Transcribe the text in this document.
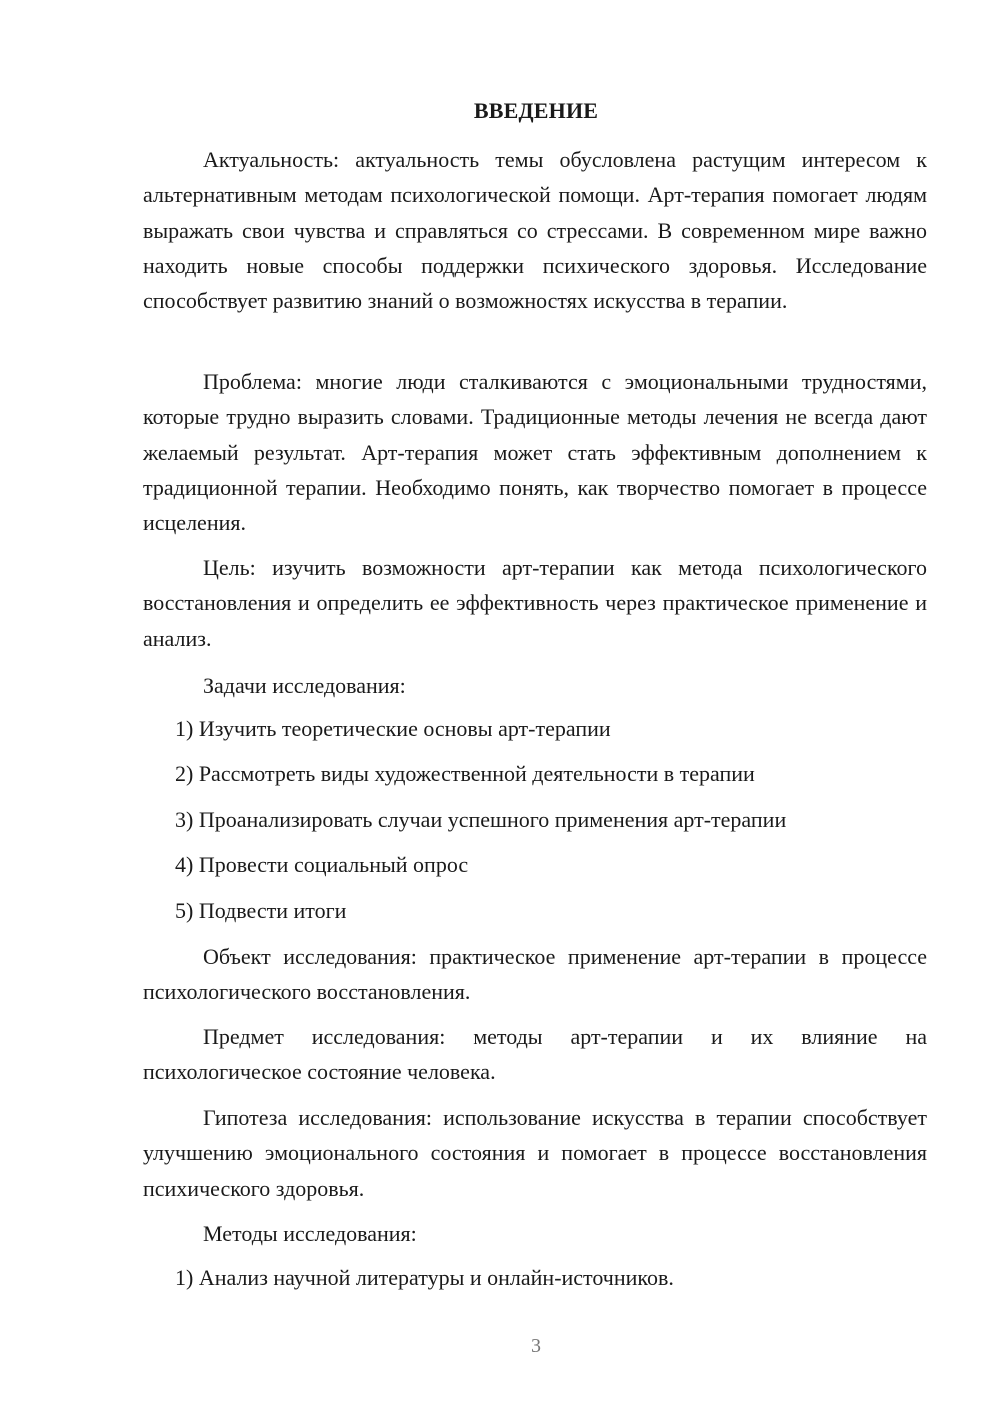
ВВЕДЕНИЕ

Актуальность: актуальность темы обусловлена растущим интересом к альтернативным методам психологической помощи. Арт-терапия помогает людям выражать свои чувства и справляться со стрессами. В современном мире важно находить новые способы поддержки психического здоровья. Исследование способствует развитию знаний о возможностях искусства в терапии.

Проблема: многие люди сталкиваются с эмоциональными трудностями, которые трудно выразить словами. Традиционные методы лечения не всегда дают желаемый результат. Арт-терапия может стать эффективным дополнением к традиционной терапии. Необходимо понять, как творчество помогает в процессе исцеления.

Цель: изучить возможности арт-терапии как метода психологического восстановления и определить ее эффективность через практическое применение и анализ.

Задачи исследования:

1) Изучить теоретические основы арт-терапии
2) Рассмотреть виды художественной деятельности в терапии
3) Проанализировать случаи успешного применения арт-терапии
4) Провести социальный опрос
5) Подвести итоги

Объект исследования: практическое применение арт-терапии в процессе психологического восстановления.

Предмет исследования: методы арт-терапии и их влияние на психологическое состояние человека.

Гипотеза исследования: использование искусства в терапии способствует улучшению эмоционального состояния и помогает в процессе восстановления психического здоровья.

Методы исследования:

1) Анализ научной литературы и онлайн-источников.
3
